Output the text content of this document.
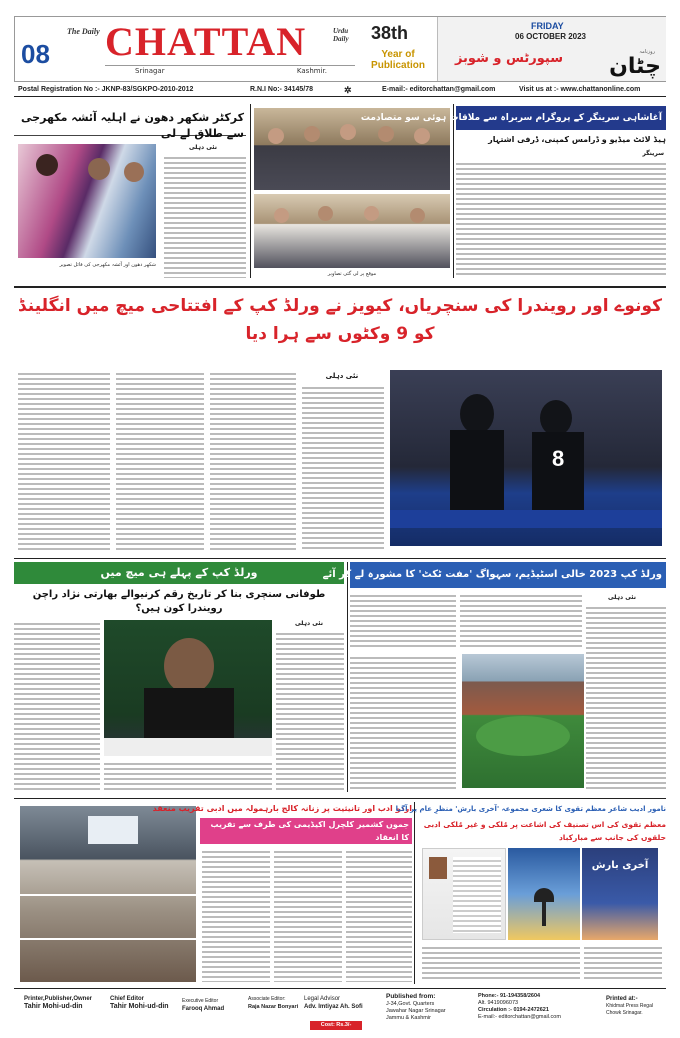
08
The Daily CHATTAN	Urdu Daily
Srinagar	Kashmir.
38th
Year of Publication
FRIDAY
06 OCTOBER 2023
سپورٹس و شوبز	روزنامہ
چٹان
Postal Registration No :- JKNP-83/SGKPO-2010-2012	R.N.I No:- 34145/78	✲	E-mail:- editorchattan@gmail.com	Visit us at :- www.chattanonline.com
کرکٹر شکھر دھون نے اہلیہ آئشہ مکھرجی سے طلاق لے لی
شکھر دھون اور آئشہ مکھرجی کی فائل تصویر
نئی دہلی
موقع پر لی گئی تصاویر
آغاشاہی سرینگر کے پروگرام سربراہ سے ملاقات ہوئی سو متصادمت
ہیڈ لائٹ میڈیو و ڈرامس کمپنی، ڈرفی اشتہار
سرینگر
کونوے اور رویندرا کی سنچریاں، کیویز نے ورلڈ کپ کے افتتاحی میچ میں انگلینڈ کو 9 وکٹوں سے ہرا دیا
8
نئی دہلی
ورلڈ کپ کے پہلے ہی میچ میں
طوفانی سنچری بنا کر تاریخ رقم کرنیوالے بھارتی نژاد راچن رویندرا کون ہیں؟
نئی دہلی
ورلڈ کپ 2023 خالی اسٹیڈیم، سہواگ 'مفت ٹکٹ' کا مشورہ لے کر آئے
نئی دہلی
اردو ادب اور تانیثیت پر زنانہ کالج بارہمولہ میں ادبی تقریب منعقد
جموں کشمیر کلچرل اکیڈیمی کی طرف سے تقریب کا انعقاد
نامور ادیب شاعر معظم تقوی کا شعری مجموعہ 'آخری بارش' منظرِ عام پر آگیا
معظم تقوی کی اس تصنیف کی اشاعت پر مُلکی و غیر مُلکی ادبی حلقوں کی جانب سے مبارکباد
آخری بارش
Printer,Publisher,Owner
Tahir Mohi-ud-din
Chief Editor
Tahir Mohi-ud-din
Executive Editor
Farooq Ahmad
Associate Editor:
Raja Nazar Bonyari
Legal Advisor
Adv. Imtiyaz Ah. Sofi
Published from:
J-34,Govt. Quarters
Jawahar Nagar Srinagar
Jammu & Kashmir
Phone:- 91-194358/2604
Alt. 9419096073
Circulation :- 0194-2472621
E-mail:- editorchattan@gmail.com
Printed at:-
Khidmat Press Regal
Chowk Srinagar.
Cost: Rs.3/-
